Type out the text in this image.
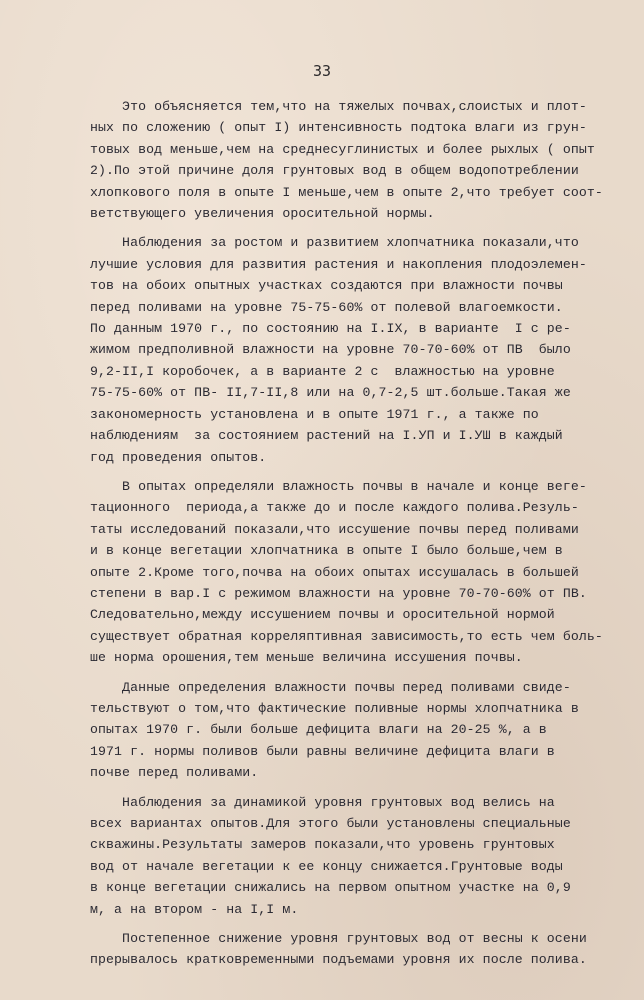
33
Это объясняется тем,что на тяжелых почвах,слоистых и плот-
ных по сложению ( опыт I) интенсивность подтока влаги из грун-
товых вод меньше,чем на среднесуглинистых и более рыхлых ( опыт
2).По этой причине доля грунтовых вод в общем водопотреблении
хлопкового поля в опыте I меньше,чем в опыте 2,что требует соот-
ветствующего увеличения оросительной нормы.
Наблюдения за ростом и развитием хлопчатника показали,что
лучшие условия для развития растения и накопления плодоэлемен-
тов на обоих опытных участках создаются при влажности почвы
перед поливами на уровне 75-75-60% от полевой влагоемкости.
По данным 1970 г., по состоянию на I.IX, в варианте  I с ре-
жимом предполивной влажности на уровне 70-70-60% от ПВ  было
9,2-II,I коробочек, а в варианте 2 с  влажностью на уровне
75-75-60% от ПВ- II,7-II,8 или на 0,7-2,5 шт.больше.Такая же
закономерность установлена и в опыте 1971 г., а также по
наблюдениям  за состоянием растений на I.УП и I.УШ в каждый
год проведения опытов.
В опытах определяли влажность почвы в начале и конце веге-
тационного  периода,а также до и после каждого полива.Резуль-
таты исследований показали,что иссушение почвы перед поливами
и в конце вегетации хлопчатника в опыте I было больше,чем в
опыте 2.Кроме того,почва на обоих опытах иссушалась в большей
степени в вар.I с режимом влажности на уровне 70-70-60% от ПВ.
Следовательно,между иссушением почвы и оросительной нормой
существует обратная корреляптивная зависимость,то есть чем боль-
ше норма орошения,тем меньше величина иссушения почвы.
Данные определения влажности почвы перед поливами свиде-
тельствуют о том,что фактические поливные нормы хлопчатника в
опытах 1970 г. были больше дефицита влаги на 20-25 %, а в
1971 г. нормы поливов были равны величине дефицита влаги в
почве перед поливами.
Наблюдения за динамикой уровня грунтовых вод велись на
всех вариантах опытов.Для этого были установлены специальные
скважины.Результаты замеров показали,что уровень грунтовых
вод от начале вегетации к ее концу снижается.Грунтовые воды
в конце вегетации снижались на первом опытном участке на 0,9
м, а на втором - на I,I м.
Постепенное снижение уровня грунтовых вод от весны к осени
прерывалось кратковременными подъемами уровня их после полива.
